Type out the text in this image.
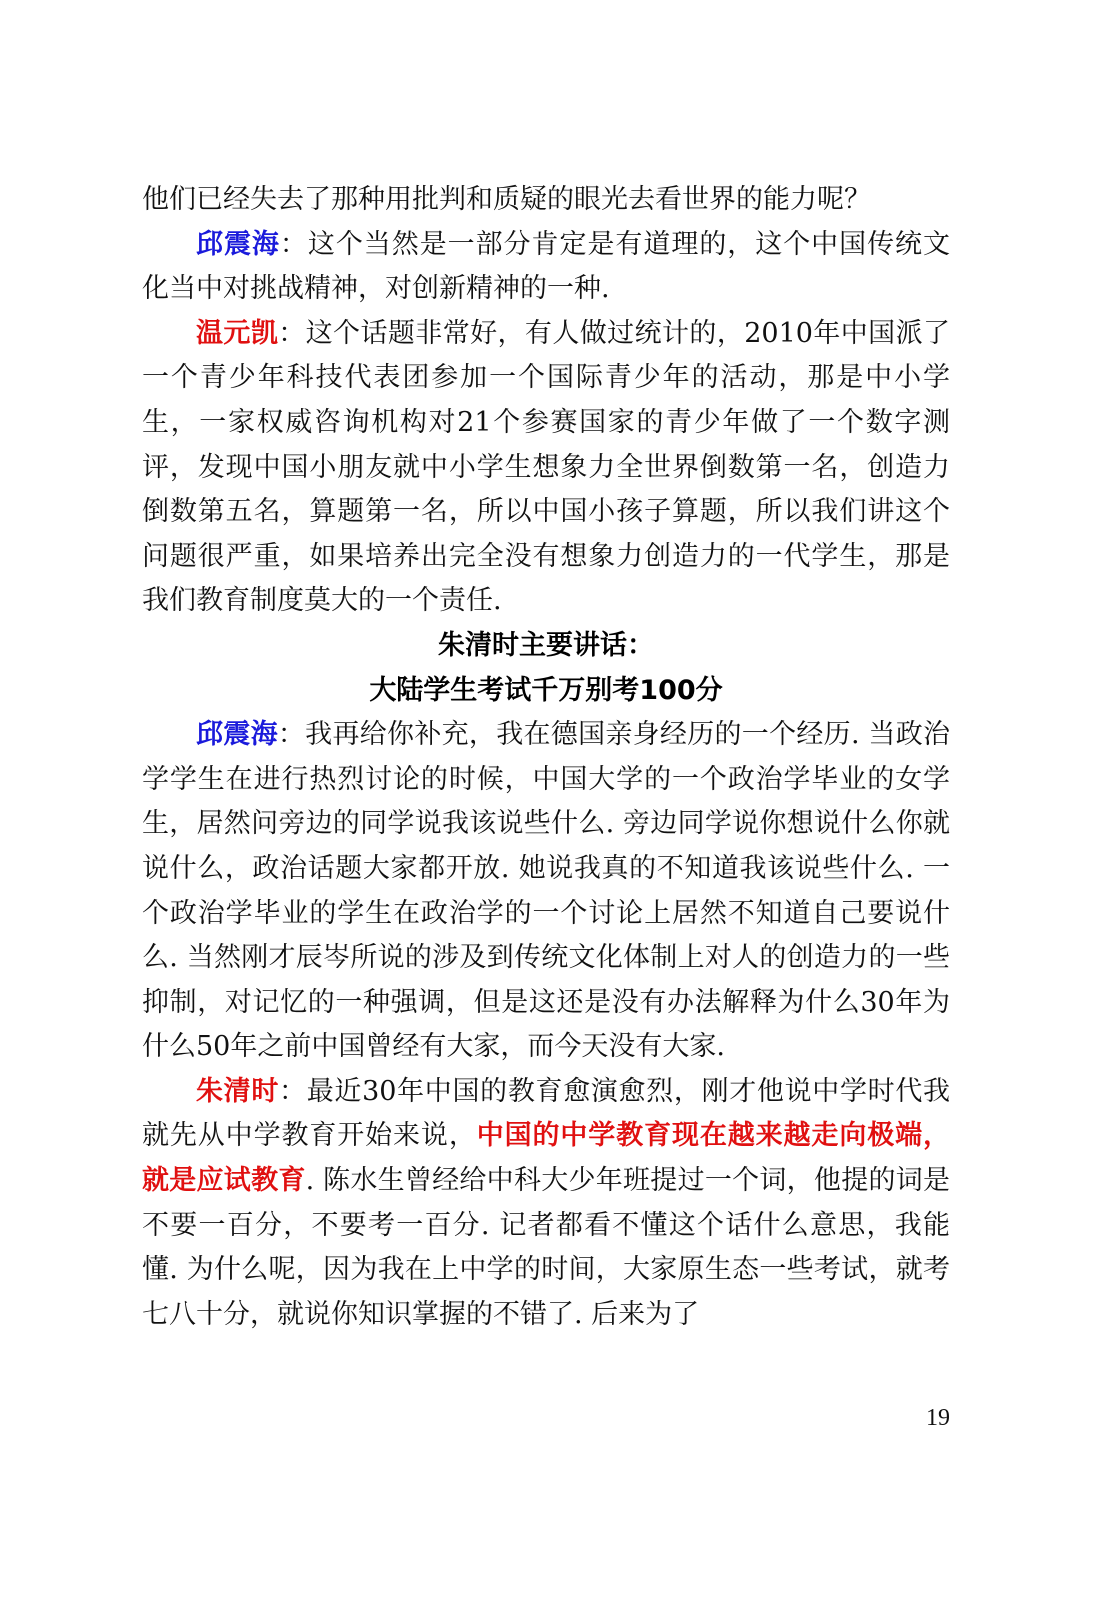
他们已经失去了那种用批判和质疑的眼光去看世界的能力呢？

邱震海：这个当然是一部分肯定是有道理的，这个中国传统文化当中对挑战精神，对创新精神的一种.

温元凯：这个话题非常好，有人做过统计的，2010年中国派了一个青少年科技代表团参加一个国际青少年的活动，那是中小学生，一家权威咨询机构对21个参赛国家的青少年做了一个数字测评，发现中国小朋友就中小学生想象力全世界倒数第一名，创造力倒数第五名，算题第一名，所以中国小孩子算题，所以我们讲这个问题很严重，如果培养出完全没有想象力创造力的一代学生，那是我们教育制度莫大的一个责任.

朱清时主要讲话：

大陆学生考试千万别考100分

邱震海：我再给你补充，我在德国亲身经历的一个经历. 当政治学学生在进行热烈讨论的时候，中国大学的一个政治学毕业的女学生，居然问旁边的同学说我该说些什么. 旁边同学说你想说什么你就说什么，政治话题大家都开放. 她说我真的不知道我该说些什么. 一个政治学毕业的学生在政治学的一个讨论上居然不知道自己要说什么. 当然刚才辰岑所说的涉及到传统文化体制上对人的创造力的一些抑制，对记忆的一种强调，但是这还是没有办法解释为什么30年为什么50年之前中国曾经有大家，而今天没有大家.

朱清时：最近30年中国的教育愈演愈烈，刚才他说中学时代我就先从中学教育开始来说，中国的中学教育现在越来越走向极端，就是应试教育. 陈水生曾经给中科大少年班提过一个词，他提的词是不要一百分，不要考一百分. 记者都看不懂这个话什么意思，我能懂. 为什么呢，因为我在上中学的时间，大家原生态一些考试，就考七八十分，就说你知识掌握的不错了. 后来为了

19
